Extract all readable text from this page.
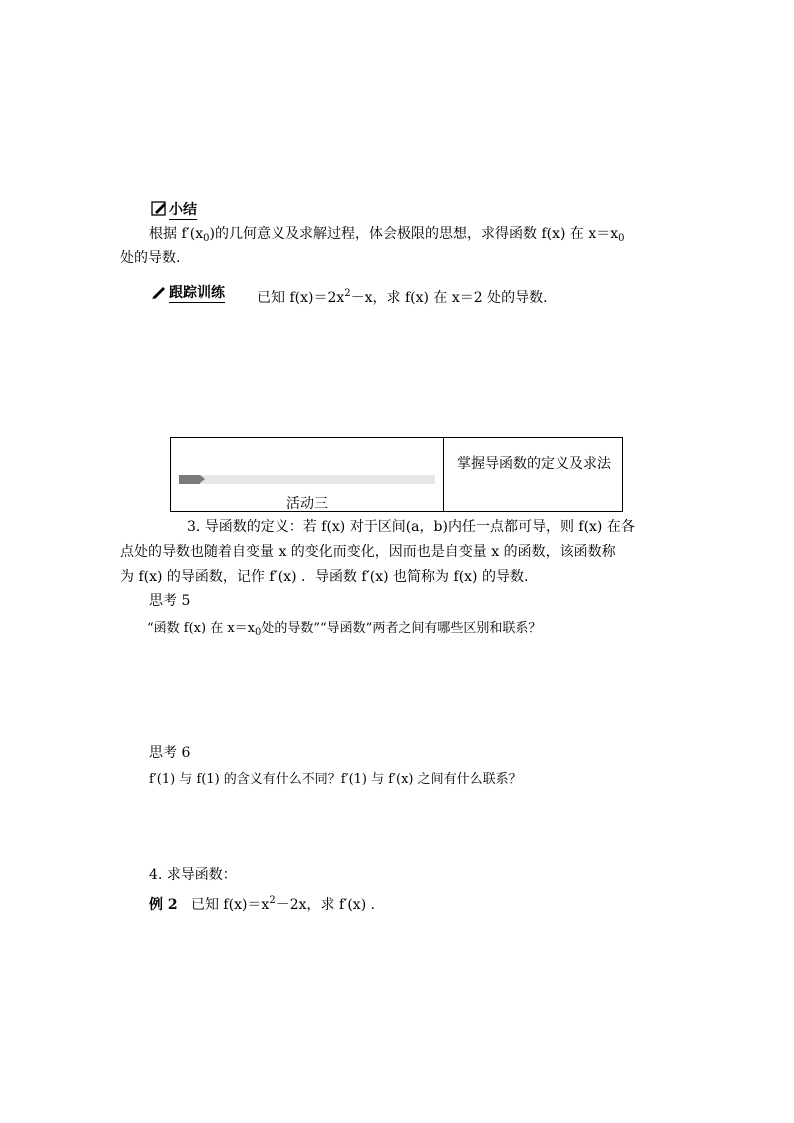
小结
根据 $f'(x_0)$的几何意义及求解过程，体会极限的思想，求得函数 f(x) 在 $x=x_0$
处的导数.
跟踪训练 已知 $f(x)=2x^2-x$，求 f(x) 在 x＝2 处的导数.
活动三
掌握导函数的定义及求法
3. 导函数的定义：若 f(x) 对于区间(a，b)内任一点都可导，则 f(x) 在各
点处的导数也随着自变量 x 的变化而变化，因而也是自变量 x 的函数，该函数称
为 f(x) 的导函数，记作 f′(x) ．导函数 f′(x) 也简称为 f(x) 的导数.
思考 5
“函数 f(x) 在 $x=x_0$处的导数”“导函数”两者之间有哪些区别和联系？
思考 6
f′(1) 与 f(1) 的含义有什么不同？f′(1) 与 f′(x) 之间有什么联系？
4. 求导函数：
例 2 已知 $f(x)=x^2-2x$，求 f′(x) .
